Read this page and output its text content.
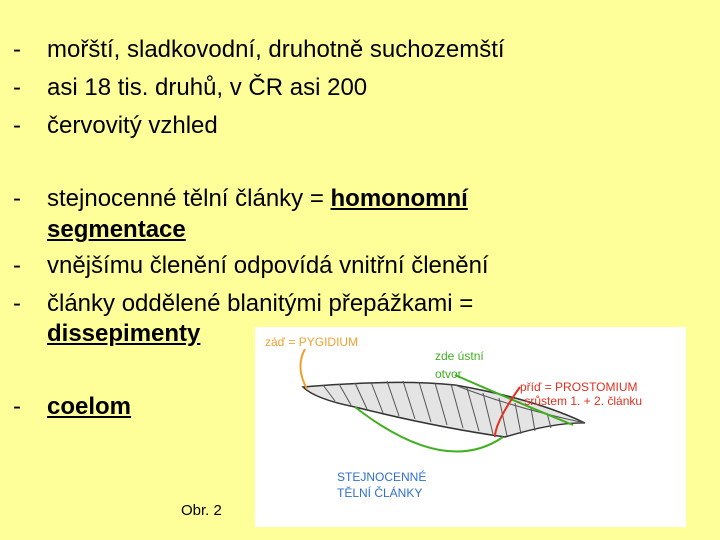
-	mořští, sladkovodní, druhotně suchozemští
-	asi 18 tis. druhů, v ČR asi 200
-	červovitý vzhled
-	stejnocenné tělní články = homonomní
segmentace
-	vnějšímu členění odpovídá vnitřní členění
-	články oddělené blanitými přepážkami =
dissepimenty
-	coelom
záď = PYGIDIUM
zde ústní
otvor
příď = PROSTOMIUM
- srůstem 1. + 2. článku
STEJNOCENNÉ
TĚLNÍ ČLÁNKY
Obr. 2
